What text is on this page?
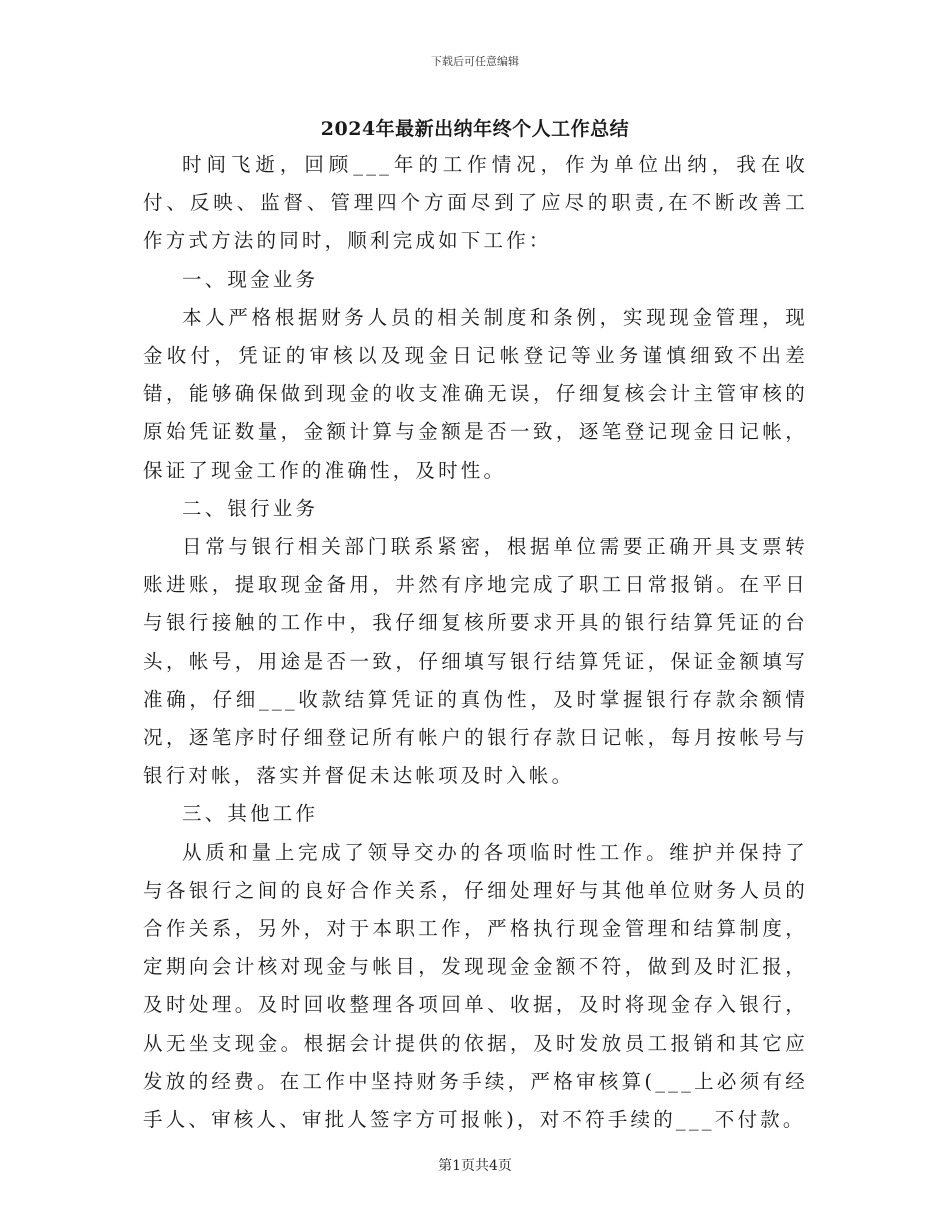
下载后可任意编辑
2024年最新出纳年终个人工作总结

时间飞逝，回顾___年的工作情况，作为单位出纳，我在收付、反映、监督、管理四个方面尽到了应尽的职责,在不断改善工作方式方法的同时，顺利完成如下工作：

一、现金业务

本人严格根据财务人员的相关制度和条例，实现现金管理，现金收付，凭证的审核以及现金日记帐登记等业务谨慎细致不出差错，能够确保做到现金的收支准确无误，仔细复核会计主管审核的原始凭证数量，金额计算与金额是否一致，逐笔登记现金日记帐，保证了现金工作的准确性，及时性。

二、银行业务

日常与银行相关部门联系紧密，根据单位需要正确开具支票转账进账，提取现金备用，井然有序地完成了职工日常报销。在平日与银行接触的工作中，我仔细复核所要求开具的银行结算凭证的台头，帐号，用途是否一致，仔细填写银行结算凭证，保证金额填写准确，仔细___收款结算凭证的真伪性，及时掌握银行存款余额情况，逐笔序时仔细登记所有帐户的银行存款日记帐，每月按帐号与银行对帐，落实并督促未达帐项及时入帐。

三、其他工作

从质和量上完成了领导交办的各项临时性工作。维护并保持了与各银行之间的良好合作关系，仔细处理好与其他单位财务人员的合作关系，另外，对于本职工作，严格执行现金管理和结算制度，定期向会计核对现金与帐目，发现现金金额不符，做到及时汇报，及时处理。及时回收整理各项回单、收据，及时将现金存入银行，从无坐支现金。根据会计提供的依据，及时发放员工报销和其它应发放的经费。在工作中坚持财务手续，严格审核算(___上必须有经手人、审核人、审批人签字方可报帐)，对不符手续的___不付款。

第1页共4页
